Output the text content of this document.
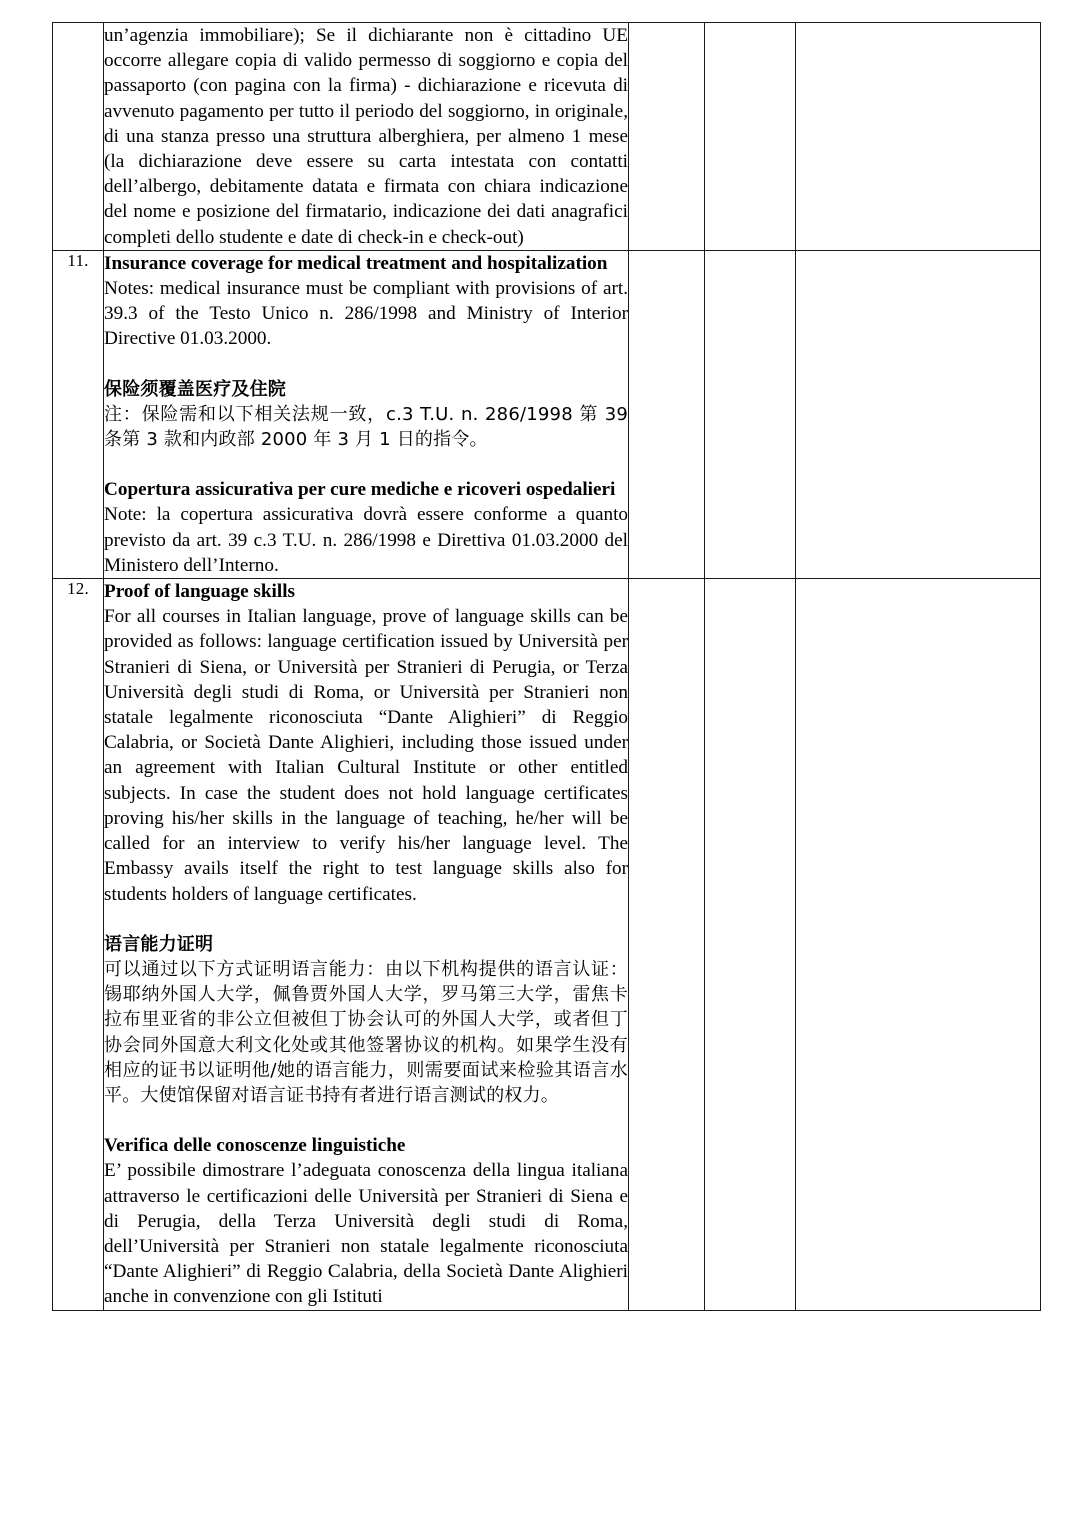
	un’agenzia immobiliare); Se il dichiarante non è cittadino UE occorre allegare copia di valido permesso di soggiorno e copia del passaporto (con pagina con la firma) - dichiarazione e ricevuta di avvenuto pagamento per tutto il periodo del soggiorno, in originale, di una stanza presso una struttura alberghiera, per almeno 1 mese (la dichiarazione deve essere su carta intestata con contatti dell’albergo, debitamente datata e firmata con chiara indicazione del nome e posizione del firmatario, indicazione dei dati anagrafici completi dello studente e date di check-in e check-out)			

11.	Insurance coverage for medical treatment and hospitalization

Notes: medical insurance must be compliant with provisions of art. 39.3 of the Testo Unico n. 286/1998 and Ministry of Interior Directive 01.03.2000.

保险须覆盖医疗及住院

注：保险需和以下相关法规一致，c.3 T.U. n. 286/1998 第 39 条第 3 款和内政部 2000 年 3 月 1 日的指令。

Copertura assicurativa per cure mediche e ricoveri ospedalieri

Note: la copertura assicurativa dovrà essere conforme a quanto previsto da art. 39 c.3 T.U. n. 286/1998 e Direttiva 01.03.2000 del Ministero dell’Interno.

12.	Proof of language skills

For all courses in Italian language, prove of language skills can be provided as follows: language certification issued by Università per Stranieri di Siena, or Università per Stranieri di Perugia, or Terza Università degli studi di Roma, or Università per Stranieri non statale legalmente riconosciuta “Dante Alighieri” di Reggio Calabria, or Società Dante Alighieri, including those issued under an agreement with Italian Cultural Institute or other entitled subjects. In case the student does not hold language certificates proving his/her skills in the language of teaching, he/her will be called for an interview to verify his/her language level. The Embassy avails itself the right to test language skills also for students holders of language certificates.

语言能力证明

可以通过以下方式证明语言能力：由以下机构提供的语言认证：锡耶纳外国人大学，佩鲁贾外国人大学，罗马第三大学，雷焦卡拉布里亚省的非公立但被但丁协会认可的外国人大学，或者但丁协会同外国意大利文化处或其他签署协议的机构。如果学生没有相应的证书以证明他/她的语言能力，则需要面试来检验其语言水平。大使馆保留对语言证书持有者进行语言测试的权力。

Verifica delle conoscenze linguistiche

E’ possibile dimostrare l’adeguata conoscenza della lingua italiana attraverso le certificazioni delle Università per Stranieri di Siena e di Perugia, della Terza Università degli studi di Roma, dell’Università per Stranieri non statale legalmente riconosciuta “Dante Alighieri” di Reggio Calabria, della Società Dante Alighieri anche in convenzione con gli Istituti
